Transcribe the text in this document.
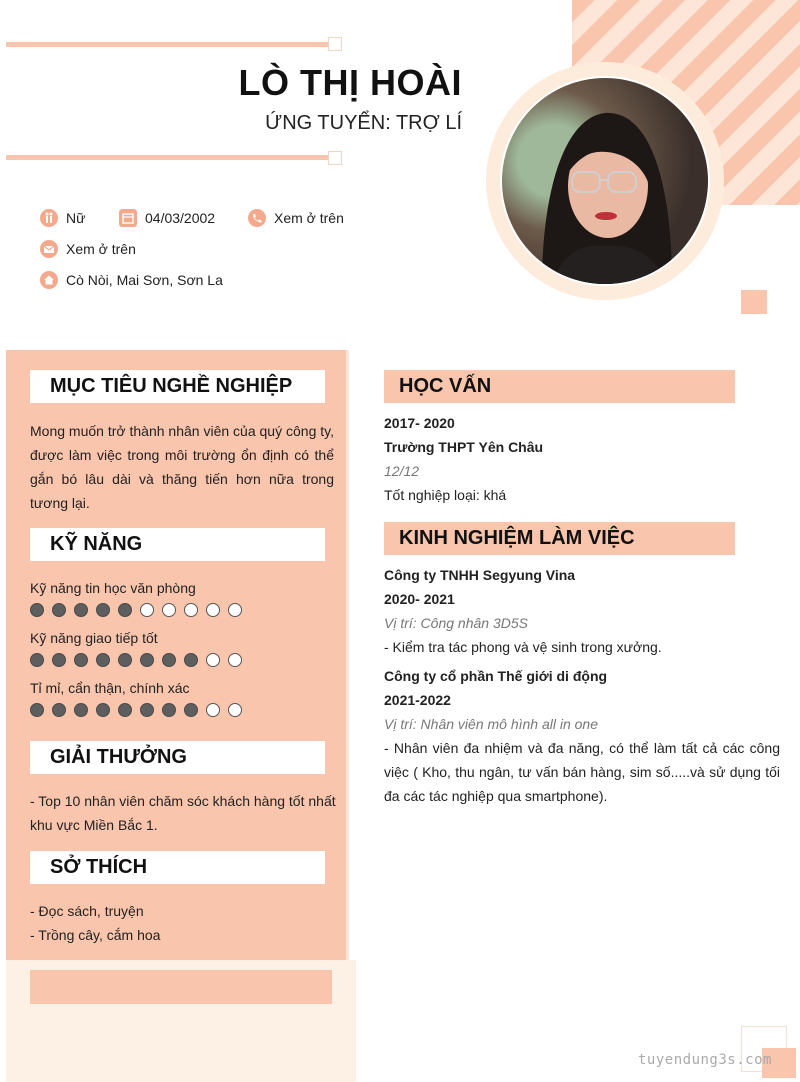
LÒ THỊ HOÀI
ỨNG TUYỂN: TRỢ LÍ
Nữ	04/03/2002	Xem ở trên
Xem ở trên
Cò Nòi, Mai Sơn, Sơn La
MỤC TIÊU NGHỀ NGHIỆP
Mong muốn trở thành nhân viên của quý công ty, được làm việc trong môi trường ổn định có thể gắn bó lâu dài và thăng tiến hơn nữa trong tương lại.
KỸ NĂNG
Kỹ năng tin học văn phòng
Kỹ năng giao tiếp tốt
Tỉ mỉ, cẩn thận, chính xác
GIẢI THƯỞNG
- Top 10 nhân viên chăm sóc khách hàng tốt nhất khu vực Miền Bắc 1.
SỞ THÍCH
- Đọc sách, truyện
- Trồng cây, cắm hoa
HỌC VẤN
2017- 2020
Trường THPT Yên Châu
12/12
Tốt nghiệp loại: khá
KINH NGHIỆM LÀM VIỆC
Công ty TNHH Segyung Vina
2020- 2021
Vị trí: Công nhân 3D5S
- Kiểm tra tác phong và vệ sinh trong xưởng.
Công ty cổ phần Thế giới di động
2021-2022
Vị trí: Nhân viên mô hình all in one
- Nhân viên đa nhiệm và đa năng, có thể làm tất cả các công việc ( Kho, thu ngân, tư vấn bán hàng, sim số.....và sử dụng tối đa các tác nghiệp qua smartphone).
tuyendung3s.com
